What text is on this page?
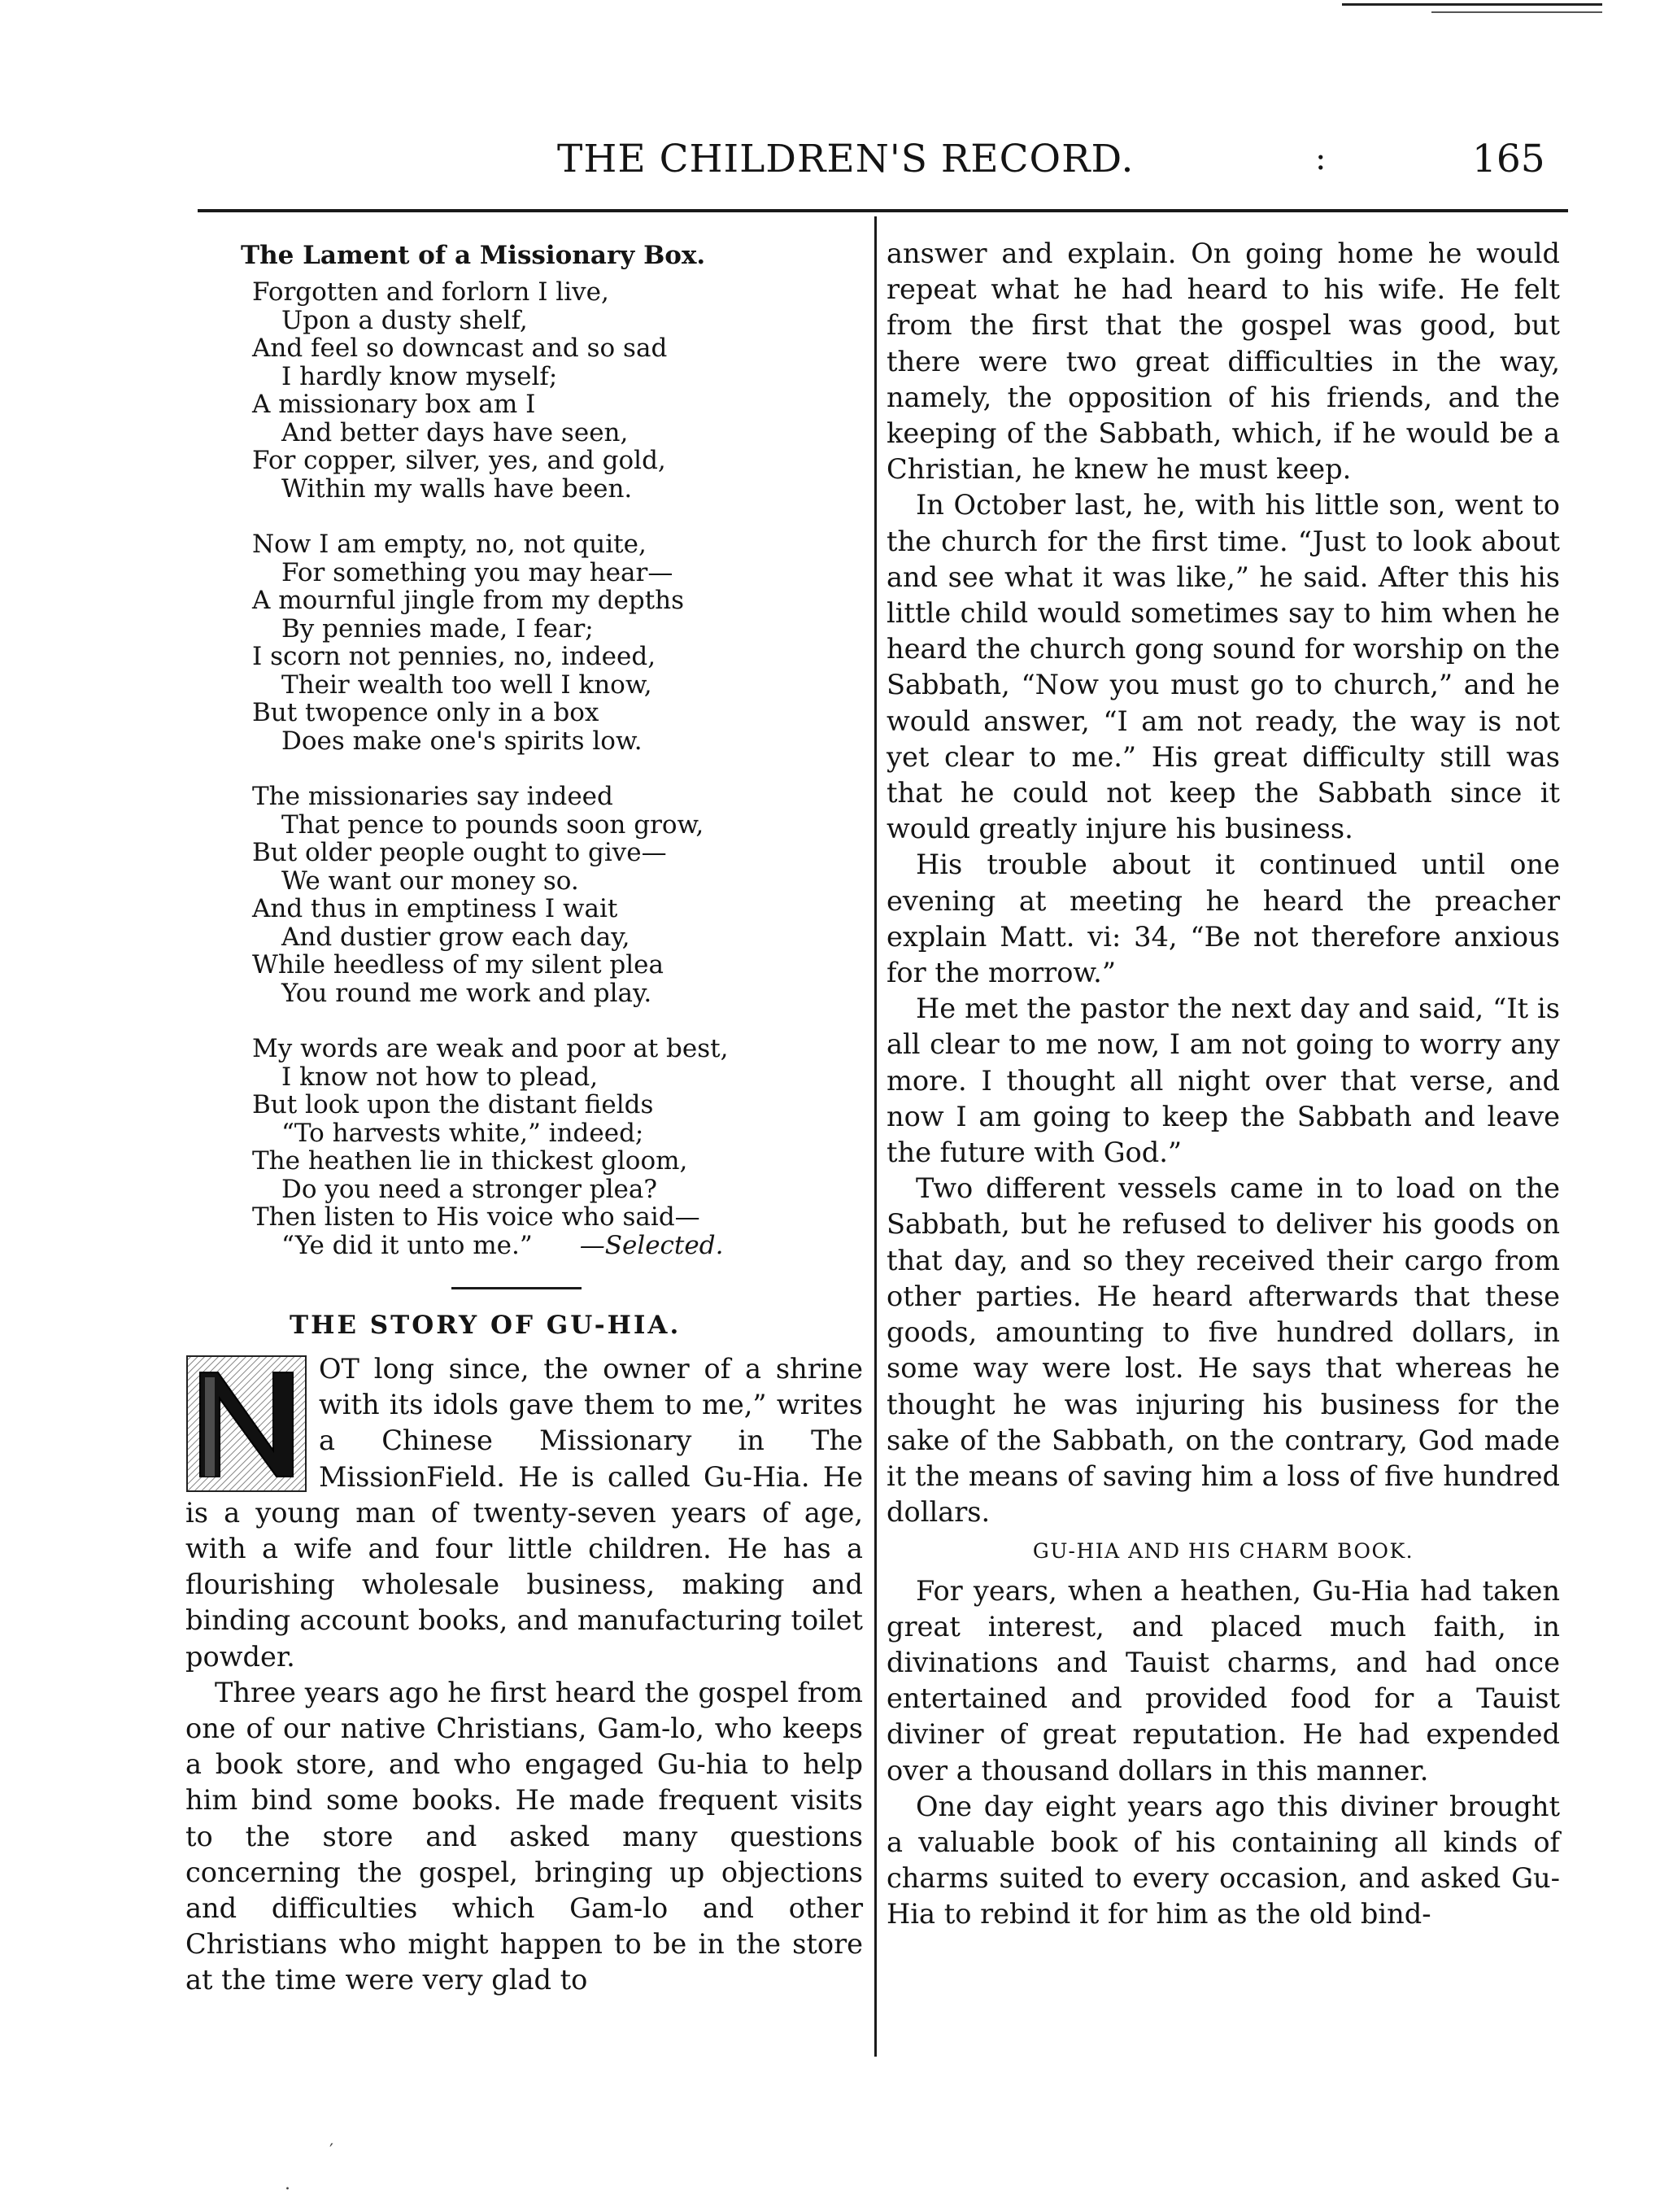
THE CHILDREN'S RECORD.	:	165
The Lament of a Missionary Box.
Forgotten and forlorn I live,
Upon a dusty shelf,
And feel so downcast and so sad
I hardly know myself;
A missionary box am I
And better days have seen,
For copper, silver, yes, and gold,
Within my walls have been.
Now I am empty, no, not quite,
For something you may hear—
A mournful jingle from my depths
By pennies made, I fear;
I scorn not pennies, no, indeed,
Their wealth too well I know,
But twopence only in a box
Does make one's spirits low.
The missionaries say indeed
That pence to pounds soon grow,
But older people ought to give—
We want our money so.
And thus in emptiness I wait
And dustier grow each day,
While heedless of my silent plea
You round me work and play.
My words are weak and poor at best,
I know not how to plead,
But look upon the distant fields
“To harvests white,” indeed;
The heathen lie in thickest gloom,
Do you need a stronger plea?
Then listen to His voice who said—
“Ye did it unto me.” —Selected.
THE STORY OF GU-HIA.

OT long since, the owner of a shrine with its idols gave them to me,” writes a Chinese Missionary in The MissionField. He is called Gu-Hia. He is a young man of twenty-seven years of age, with a wife and four little children. He has a flourishing wholesale business, making and binding account books, and manufacturing toilet powder.

Three years ago he first heard the gospel from one of our native Christians, Gam-lo, who keeps a book store, and who engaged Gu-hia to help him bind some books. He made frequent visits to the store and asked many questions concerning the gospel, bringing up objections and difficulties which Gam-lo and other Christians who might happen to be in the store at the time were very glad to

answer and explain. On going home he would repeat what he had heard to his wife. He felt from the first that the gospel was good, but there were two great difficulties in the way, namely, the opposition of his friends, and the keeping of the Sabbath, which, if he would be a Christian, he knew he must keep.

In October last, he, with his little son, went to the church for the first time. “Just to look about and see what it was like,” he said. After this his little child would sometimes say to him when he heard the church gong sound for worship on the Sabbath, “Now you must go to church,” and he would answer, “I am not ready, the way is not yet clear to me.” His great difficulty still was that he could not keep the Sabbath since it would greatly injure his business.

His trouble about it continued until one evening at meeting he heard the preacher explain Matt. vi: 34, “Be not therefore anxious for the morrow.”

He met the pastor the next day and said, “It is all clear to me now, I am not going to worry any more. I thought all night over that verse, and now I am going to keep the Sabbath and leave the future with God.”

Two different vessels came in to load on the Sabbath, but he refused to deliver his goods on that day, and so they received their cargo from other parties. He heard afterwards that these goods, amounting to five hundred dollars, in some way were lost. He says that whereas he thought he was injuring his business for the sake of the Sabbath, on the contrary, God made it the means of saving him a loss of five hundred dollars.

GU-HIA AND HIS CHARM BOOK.

For years, when a heathen, Gu-Hia had taken great interest, and placed much faith, in divinations and Tauist charms, and had once entertained and provided food for a Tauist diviner of great reputation. He had expended over a thousand dollars in this manner.

One day eight years ago this diviner brought a valuable book of his containing all kinds of charms suited to every occasion, and asked Gu-Hia to rebind it for him as the old bind-

′
.
